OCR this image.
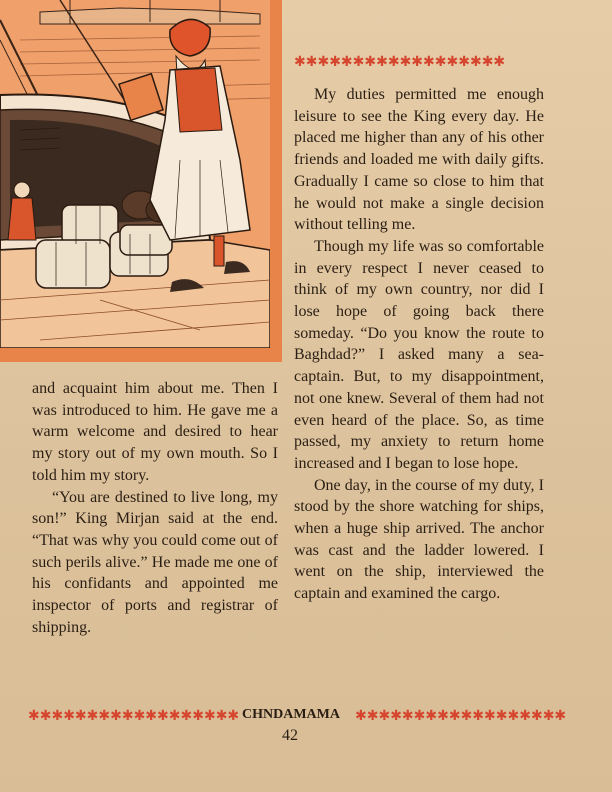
✱✱✱✱✱✱✱✱✱✱✱✱✱✱✱✱✱✱

My duties permitted me enough leisure to see the King every day. He placed me higher than any of his other friends and loaded me with daily gifts. Gradually I came so close to him that he would not make a single decision without telling me.

Though my life was so comfortable in every respect I never ceased to think of my own country, nor did I lose hope of going back there someday. “Do you know the route to Baghdad?” I asked many a sea-captain. But, to my disappointment, not one knew. Several of them had not even heard of the place. So, as time passed, my anxiety to return home increased and I began to lose hope.

One day, in the course of my duty, I stood by the shore watching for ships, when a huge ship arrived. The anchor was cast and the ladder lowered. I went on the ship, interviewed the captain and examined the cargo.

and acquaint him about me. Then I was introduced to him. He gave me a warm welcome and desired to hear my story out of my own mouth. So I told him my story.

“You are destined to live long, my son!” King Mirjan said at the end. “That was why you could come out of such perils alive.” He made me one of his confidants and appointed me inspector of ports and registrar of shipping.

✱✱✱✱✱✱✱✱✱✱✱✱✱✱✱✱✱✱ CHNDAMAMA	✱✱✱✱✱✱✱✱✱✱✱✱✱✱✱✱✱✱
42
